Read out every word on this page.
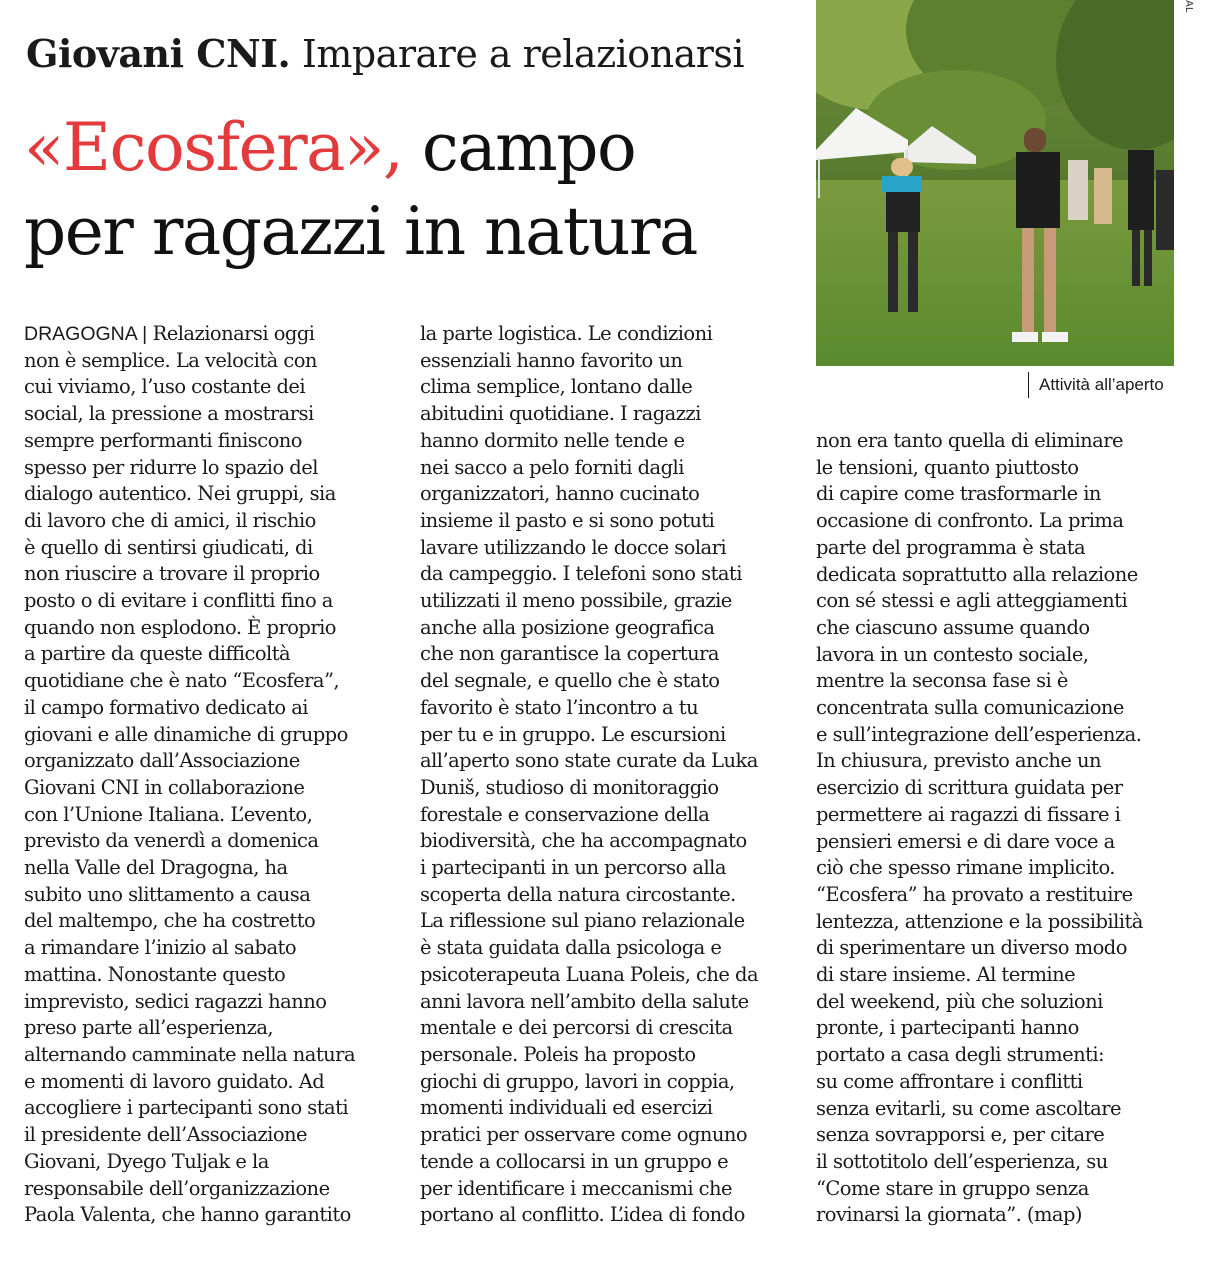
Giovani CNI. Imparare a relazionarsi
«Ecosfera», campo
per ragazzi in natura
AL
Attività all’aperto
DRAGOGNA | Relazionarsi oggi
non è semplice. La velocità con
cui viviamo, l’uso costante dei
social, la pressione a mostrarsi
sempre performanti finiscono
spesso per ridurre lo spazio del
dialogo autentico. Nei gruppi, sia
di lavoro che di amici, il rischio
è quello di sentirsi giudicati, di
non riuscire a trovare il proprio
posto o di evitare i conflitti fino a
quando non esplodono. È proprio
a partire da queste difficoltà
quotidiane che è nato “Ecosfera”,
il campo formativo dedicato ai
giovani e alle dinamiche di gruppo
organizzato dall’Associazione
Giovani CNI in collaborazione
con l’Unione Italiana. L’evento,
previsto da venerdì a domenica
nella Valle del Dragogna, ha
subito uno slittamento a causa
del maltempo, che ha costretto
a rimandare l’inizio al sabato
mattina. Nonostante questo
imprevisto, sedici ragazzi hanno
preso parte all’esperienza,
alternando camminate nella natura
e momenti di lavoro guidato. Ad
accogliere i partecipanti sono stati
il presidente dell’Associazione
Giovani, Dyego Tuljak e la
responsabile dell’organizzazione
Paola Valenta, che hanno garantito
la parte logistica. Le condizioni
essenziali hanno favorito un
clima semplice, lontano dalle
abitudini quotidiane. I ragazzi
hanno dormito nelle tende e
nei sacco a pelo forniti dagli
organizzatori, hanno cucinato
insieme il pasto e si sono potuti
lavare utilizzando le docce solari
da campeggio. I telefoni sono stati
utilizzati il meno possibile, grazie
anche alla posizione geografica
che non garantisce la copertura
del segnale, e quello che è stato
favorito è stato l’incontro a tu
per tu e in gruppo. Le escursioni
all’aperto sono state curate da Luka
Duniš, studioso di monitoraggio
forestale e conservazione della
biodiversità, che ha accompagnato
i partecipanti in un percorso alla
scoperta della natura circostante.
La riflessione sul piano relazionale
è stata guidata dalla psicologa e
psicoterapeuta Luana Poleis, che da
anni lavora nell’ambito della salute
mentale e dei percorsi di crescita
personale. Poleis ha proposto
giochi di gruppo, lavori in coppia,
momenti individuali ed esercizi
pratici per osservare come ognuno
tende a collocarsi in un gruppo e
per identificare i meccanismi che
portano al conflitto. L’idea di fondo
non era tanto quella di eliminare
le tensioni, quanto piuttosto
di capire come trasformarle in
occasione di confronto. La prima
parte del programma è stata
dedicata soprattutto alla relazione
con sé stessi e agli atteggiamenti
che ciascuno assume quando
lavora in un contesto sociale,
mentre la seconsa fase si è
concentrata sulla comunicazione
e sull’integrazione dell’esperienza.
In chiusura, previsto anche un
esercizio di scrittura guidata per
permettere ai ragazzi di fissare i
pensieri emersi e di dare voce a
ciò che spesso rimane implicito.
“Ecosfera” ha provato a restituire
lentezza, attenzione e la possibilità
di sperimentare un diverso modo
di stare insieme. Al termine
del weekend, più che soluzioni
pronte, i partecipanti hanno
portato a casa degli strumenti:
su come affrontare i conflitti
senza evitarli, su come ascoltare
senza sovrapporsi e, per citare
il sottotitolo dell’esperienza, su
“Come stare in gruppo senza
rovinarsi la giornata”. (map)
